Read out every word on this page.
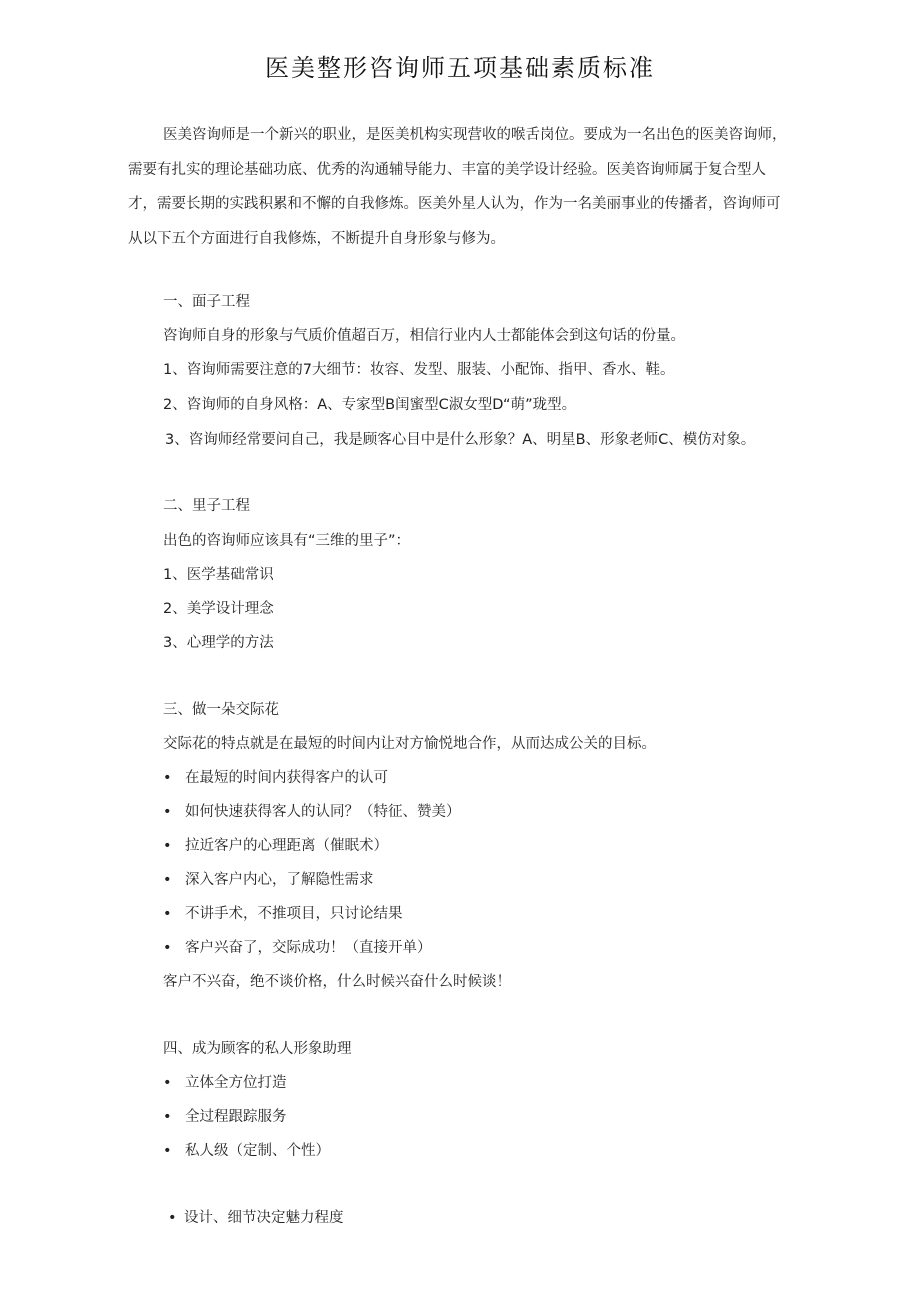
医美整形咨询师五项基础素质标准

医美咨询师是一个新兴的职业，是医美机构实现营收的喉舌岗位。要成为一名出色的医美咨询师，需要有扎实的理论基础功底、优秀的沟通辅导能力、丰富的美学设计经验。医美咨询师属于复合型人才，需要长期的实践积累和不懈的自我修炼。医美外星人认为，作为一名美丽事业的传播者，咨询师可从以下五个方面进行自我修炼，不断提升自身形象与修为。

一、面子工程
咨询师自身的形象与气质价值超百万，相信行业内人士都能体会到这句话的份量。
1、咨询师需要注意的7大细节：妆容、发型、服装、小配饰、指甲、香水、鞋。
2、咨询师的自身风格：A、专家型B闺蜜型C淑女型D“萌”珑型。
3、咨询师经常要问自己，我是顾客心目中是什么形象？A、明星B、形象老师C、模仿对象。
二、里子工程
出色的咨询师应该具有“三维的里子”：
1、医学基础常识
2、美学设计理念
3、心理学的方法
三、做一朵交际花
交际花的特点就是在最短的时间内让对方愉悦地合作，从而达成公关的目标。
• 在最短的时间内获得客户的认可
• 如何快速获得客人的认同？（特征、赞美）
• 拉近客户的心理距离（催眠术）
• 深入客户内心，了解隐性需求
• 不讲手术，不推项目，只讨论结果
• 客户兴奋了，交际成功！（直接开单）
客户不兴奋，绝不谈价格，什么时候兴奋什么时候谈！
四、成为顾客的私人形象助理
• 立体全方位打造
• 全过程跟踪服务
• 私人级（定制、个性）
• 设计、细节决定魅力程度
